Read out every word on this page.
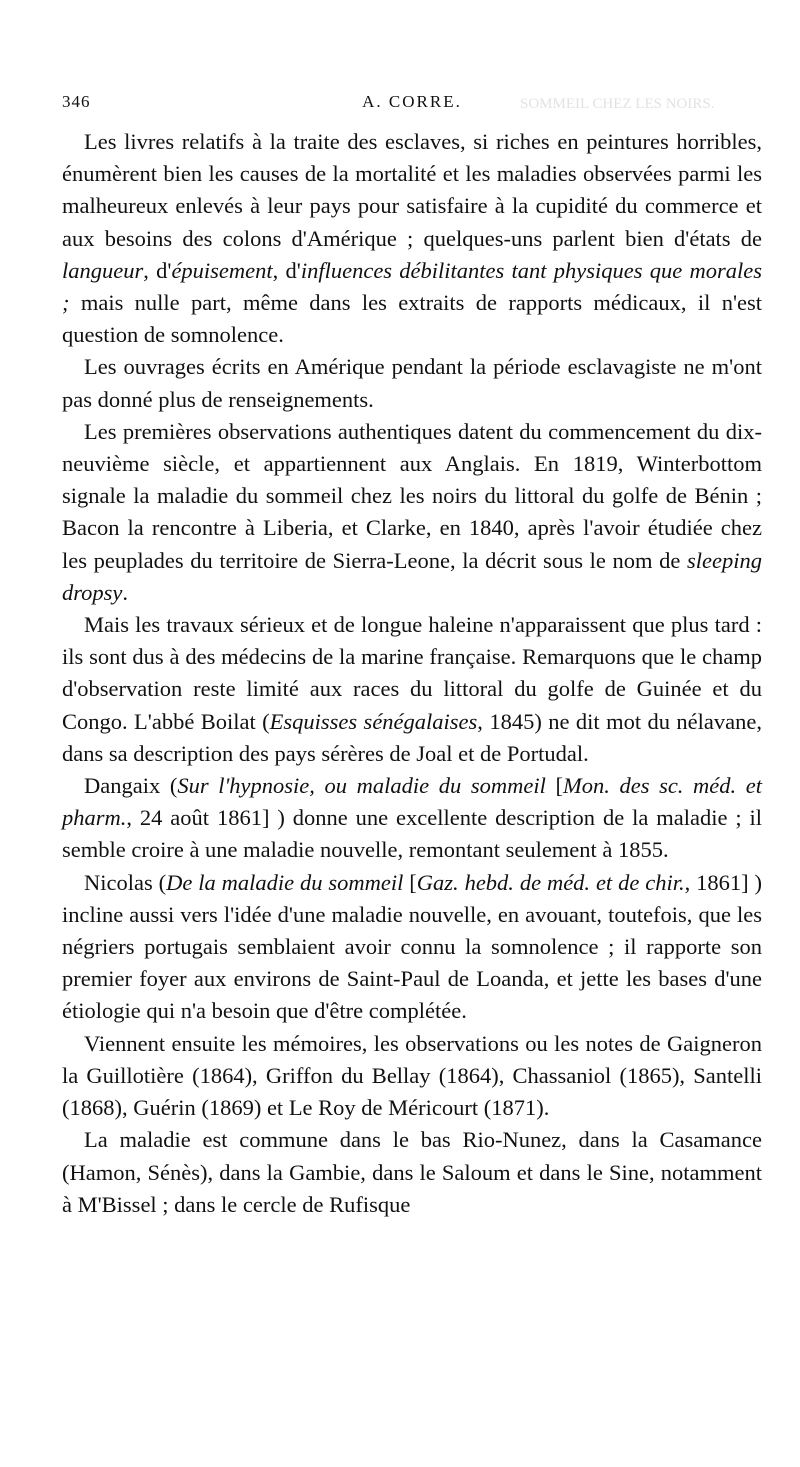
SOMMEIL CHEZ LES NOIRS.
346	A. CORRE.

Les livres relatifs à la traite des esclaves, si riches en peintures horribles, énumèrent bien les causes de la mortalité et les maladies observées parmi les malheureux enlevés à leur pays pour satisfaire à la cupidité du commerce et aux besoins des colons d'Amérique ; quelques-uns parlent bien d'états de langueur, d'épuisement, d'influences débilitantes tant physiques que morales ; mais nulle part, même dans les extraits de rapports médicaux, il n'est question de somnolence.

Les ouvrages écrits en Amérique pendant la période esclavagiste ne m'ont pas donné plus de renseignements.

Les premières observations authentiques datent du commencement du dix-neuvième siècle, et appartiennent aux Anglais. En 1819, Winterbottom signale la maladie du sommeil chez les noirs du littoral du golfe de Bénin ; Bacon la rencontre à Liberia, et Clarke, en 1840, après l'avoir étudiée chez les peuplades du territoire de Sierra-Leone, la décrit sous le nom de sleeping dropsy.

Mais les travaux sérieux et de longue haleine n'apparaissent que plus tard : ils sont dus à des médecins de la marine française. Remarquons que le champ d'observation reste limité aux races du littoral du golfe de Guinée et du Congo. L'abbé Boilat (Esquisses sénégalaises, 1845) ne dit mot du nélavane, dans sa description des pays sérères de Joal et de Portudal.

Dangaix (Sur l'hypnosie, ou maladie du sommeil [Mon. des sc. méd. et pharm., 24 août 1861] ) donne une excellente description de la maladie ; il semble croire à une maladie nouvelle, remontant seulement à 1855.

Nicolas (De la maladie du sommeil [Gaz. hebd. de méd. et de chir., 1861] ) incline aussi vers l'idée d'une maladie nouvelle, en avouant, toutefois, que les négriers portugais semblaient avoir connu la somnolence ; il rapporte son premier foyer aux environs de Saint-Paul de Loanda, et jette les bases d'une étiologie qui n'a besoin que d'être complétée.

Viennent ensuite les mémoires, les observations ou les notes de Gaigneron la Guillotière (1864), Griffon du Bellay (1864), Chassaniol (1865), Santelli (1868), Guérin (1869) et Le Roy de Méricourt (1871).

La maladie est commune dans le bas Rio-Nunez, dans la Casamance (Hamon, Sénès), dans la Gambie, dans le Saloum et dans le Sine, notamment à M'Bissel ; dans le cercle de Rufisque
